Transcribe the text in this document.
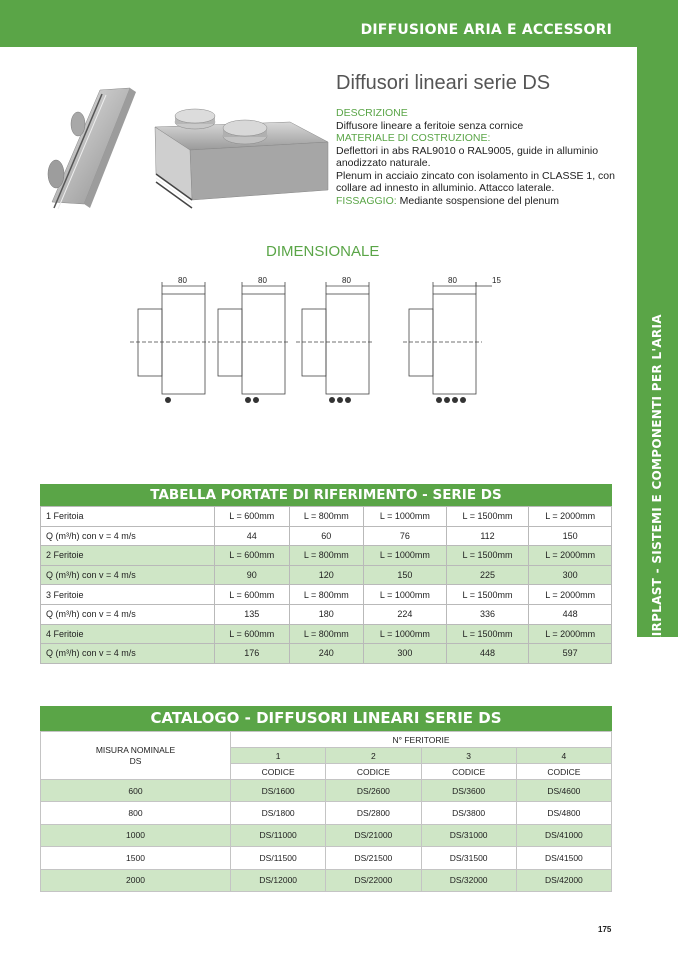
DIFFUSIONE ARIA E ACCESSORI
AIRPLAST - SISTEMI E COMPONENTI PER L'ARIA
Diffusori lineari serie DS
DESCRIZIONE
Diffusore lineare a feritoie senza cornice
MATERIALE DI COSTRUZIONE:
Deflettori in abs RAL9010 o RAL9005, guide in alluminio anodizzato naturale.
Plenum in acciaio zincato con isolamento in CLASSE 1, con collare ad innesto in alluminio. Attacco laterale.
FISSAGGIO: Mediante sospensione del plenum
DIMENSIONALE
80	80	80	80	15
TABELLA PORTATE DI RIFERIMENTO - SERIE DS
1 Feritoia	L = 600mm	L = 800mm	L = 1000mm	L = 1500mm	L = 2000mm
Q (m³/h) con v = 4 m/s	44	60	76	112	150
2 Feritoie	L = 600mm	L = 800mm	L = 1000mm	L = 1500mm	L = 2000mm
Q (m³/h) con v = 4 m/s	90	120	150	225	300
3 Feritoie	L = 600mm	L = 800mm	L = 1000mm	L = 1500mm	L = 2000mm
Q (m³/h) con v = 4 m/s	135	180	224	336	448
4 Feritoie	L = 600mm	L = 800mm	L = 1000mm	L = 1500mm	L = 2000mm
Q (m³/h) con v = 4 m/s	176	240	300	448	597
CATALOGO - DIFFUSORI LINEARI SERIE DS
MISURA NOMINALE
DS	N° FERITORIE			
	1	2	3	4
	CODICE	CODICE	CODICE	CODICE
600	DS/1600	DS/2600	DS/3600	DS/4600
800	DS/1800	DS/2800	DS/3800	DS/4800
1000	DS/11000	DS/21000	DS/31000	DS/41000
1500	DS/11500	DS/21500	DS/31500	DS/41500
2000	DS/12000	DS/22000	DS/32000	DS/42000
175
